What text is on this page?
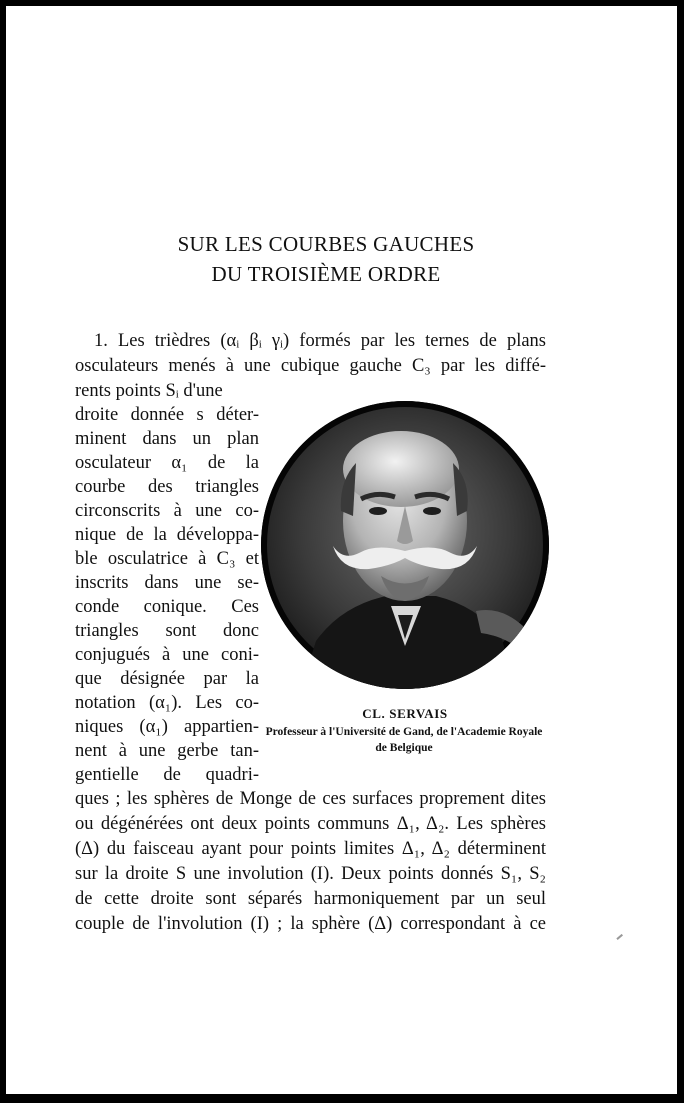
SUR LES COURBES GAUCHES
DU TROISIÈME ORDRE
1. Les trièdres (αᵢ βᵢ γᵢ) formés par les ternes de plans
osculateurs menés à une cubique gauche C₃ par les diffé-
rents points Sᵢ d'une
droite donnée s déter-
minent dans un plan
osculateur α₁ de la
courbe des triangles
circonscrits à une co-
nique de la développa-
ble osculatrice à C₃ et
inscrits dans une se-
conde conique. Ces
triangles sont donc
conjugués à une coni-
que désignée par la
notation (α₁). Les co-
niques (α₁) appartien-
nent à une gerbe tan-
gentielle de quadri-
ques ; les sphères de Monge de ces surfaces proprement dites
ou dégénérées ont deux points communs Δ₁, Δ₂. Les sphères
(Δ) du faisceau ayant pour points limites Δ₁, Δ₂ déterminent
sur la droite S une involution (I). Deux points donnés S₁, S₂
de cette droite sont séparés harmoniquement par un seul
couple de l'involution (I) ; la sphère (Δ) correspondant à ce
CL. SERVAIS
Professeur à l'Université de Gand, de l'Academie Royale
de Belgique
